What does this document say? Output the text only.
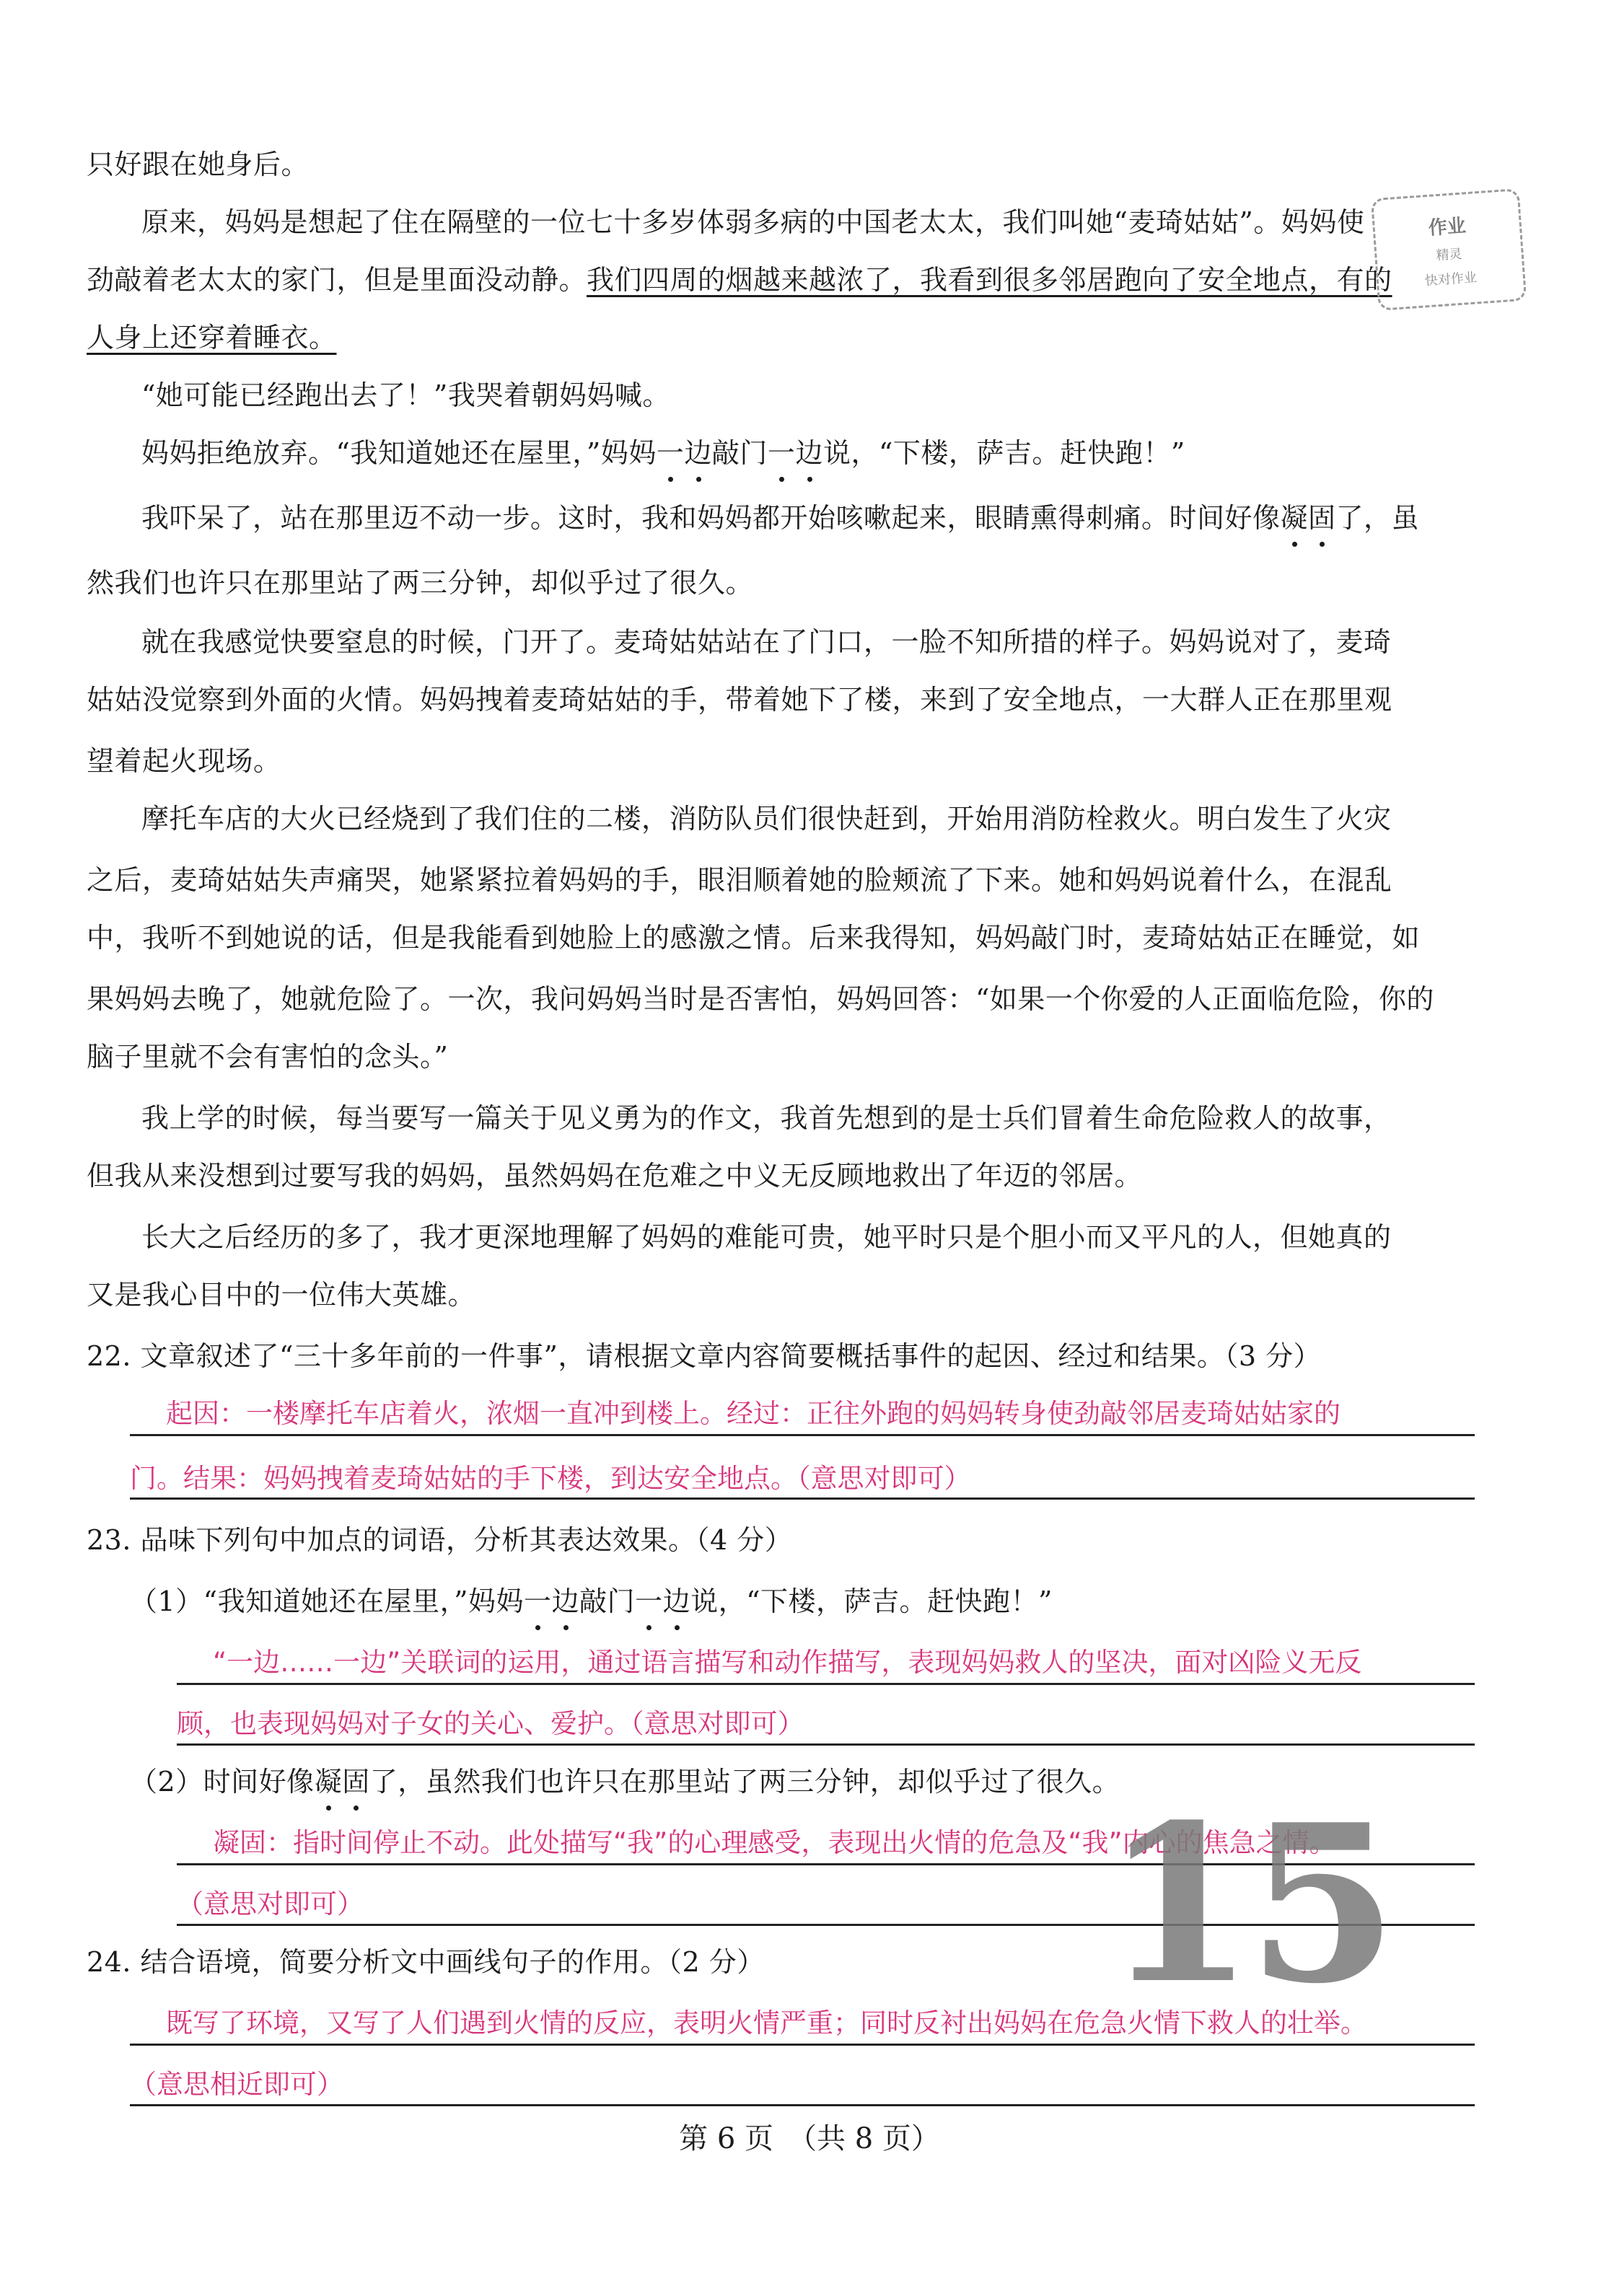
只好跟在她身后。
原来，妈妈是想起了住在隔壁的一位七十多岁体弱多病的中国老太太，我们叫她“麦琦姑姑”。妈妈使
劲敲着老太太的家门，但是里面没动静。我们四周的烟越来越浓了，我看到很多邻居跑向了安全地点，有的
人身上还穿着睡衣。
“她可能已经跑出去了！”我哭着朝妈妈喊。
妈妈拒绝放弃。“我知道她还在屋里，”妈妈一边敲门一边说，“下楼，萨吉。赶快跑！”
我吓呆了，站在那里迈不动一步。这时，我和妈妈都开始咳嗽起来，眼睛熏得刺痛。时间好像凝固了，虽
然我们也许只在那里站了两三分钟，却似乎过了很久。
就在我感觉快要窒息的时候，门开了。麦琦姑姑站在了门口，一脸不知所措的样子。妈妈说对了，麦琦
姑姑没觉察到外面的火情。妈妈拽着麦琦姑姑的手，带着她下了楼，来到了安全地点，一大群人正在那里观
望着起火现场。
摩托车店的大火已经烧到了我们住的二楼，消防队员们很快赶到，开始用消防栓救火。明白发生了火灾
之后，麦琦姑姑失声痛哭，她紧紧拉着妈妈的手，眼泪顺着她的脸颊流了下来。她和妈妈说着什么，在混乱
中，我听不到她说的话，但是我能看到她脸上的感激之情。后来我得知，妈妈敲门时，麦琦姑姑正在睡觉，如
果妈妈去晚了，她就危险了。一次，我问妈妈当时是否害怕，妈妈回答：“如果一个你爱的人正面临危险，你的
脑子里就不会有害怕的念头。”
我上学的时候，每当要写一篇关于见义勇为的作文，我首先想到的是士兵们冒着生命危险救人的故事，
但我从来没想到过要写我的妈妈，虽然妈妈在危难之中义无反顾地救出了年迈的邻居。
长大之后经历的多了，我才更深地理解了妈妈的难能可贵，她平时只是个胆小而又平凡的人，但她真的
又是我心目中的一位伟大英雄。
22. 文章叙述了“三十多年前的一件事”，请根据文章内容简要概括事件的起因、经过和结果。（3 分）
起因：一楼摩托车店着火，浓烟一直冲到楼上。经过：正往外跑的妈妈转身使劲敲邻居麦琦姑姑家的
门。结果：妈妈拽着麦琦姑姑的手下楼，到达安全地点。（意思对即可）
23. 品味下列句中加点的词语，分析其表达效果。（4 分）
（1）“我知道她还在屋里，”妈妈一边敲门一边说，“下楼，萨吉。赶快跑！”
“一边……一边”关联词的运用，通过语言描写和动作描写，表现妈妈救人的坚决，面对凶险义无反
顾，也表现妈妈对子女的关心、爱护。（意思对即可）
（2）时间好像凝固了，虽然我们也许只在那里站了两三分钟，却似乎过了很久。
凝固：指时间停止不动。此处描写“我”的心理感受，表现出火情的危急及“我”内心的焦急之情。
（意思对即可）
24. 结合语境，简要分析文中画线句子的作用。（2 分）
既写了环境，又写了人们遇到火情的反应，表明火情严重；同时反衬出妈妈在危急火情下救人的壮举。
（意思相近即可）
作业
精灵
快对作业
15
第 6 页　（共 8 页）
